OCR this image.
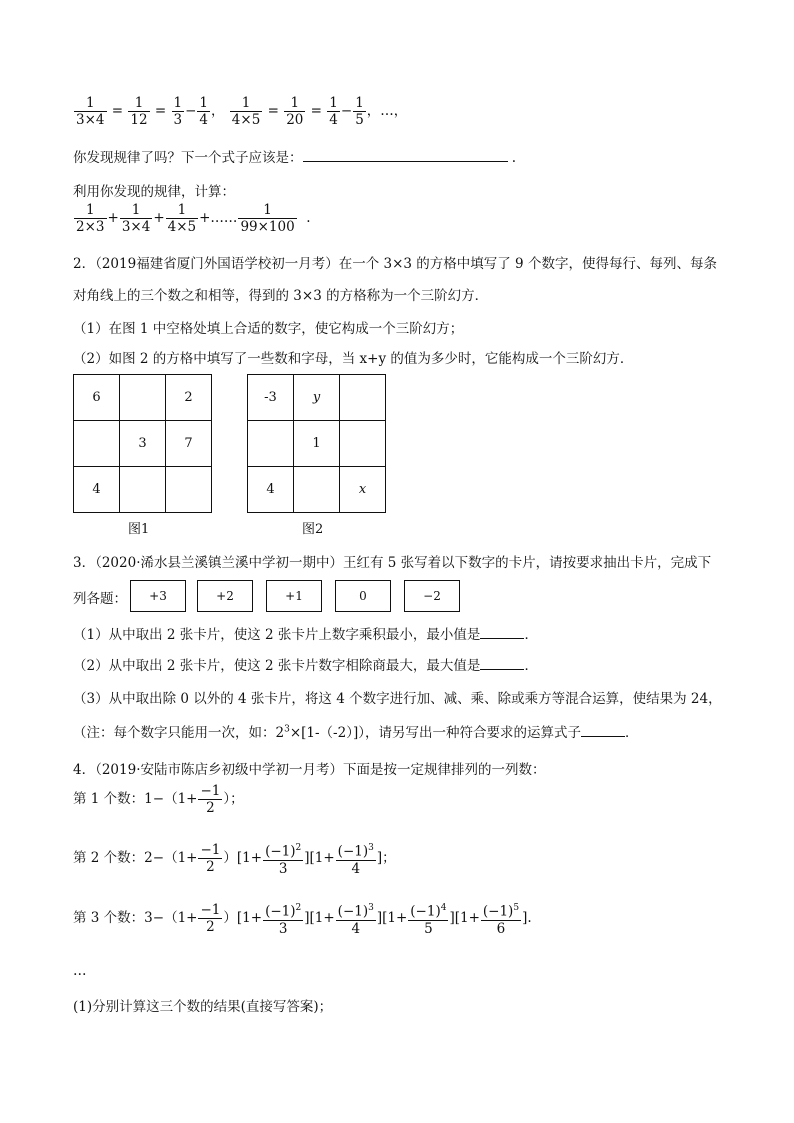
$\frac{1}{3\times 4} = \frac{1}{12} = \frac{1}{3} - \frac{1}{4}$ ， $\frac{1}{4\times 5} = \frac{1}{20} = \frac{1}{4} - \frac{1}{5}$ ，…，
你发现规律了吗？下一个式子应该是：	.
利用你发现的规律，计算：
$\frac{1}{2\times 3} + \frac{1}{3\times 4} + \frac{1}{4\times 5}$ +…… $\frac{1}{99\times 100}$ .
2．（2019福建省厦门外国语学校初一月考）在一个 3×3 的方格中填写了 9 个数字，使得每行、每列、每条
对角线上的三个数之和相等，得到的 3×3 的方格称为一个三阶幻方．
（1）在图 1 中空格处填上合适的数字，使它构成一个三阶幻方；
（2）如图 2 的方格中填写了一些数和字母，当 x+y 的值为多少时，它能构成一个三阶幻方．
6		2
	3	7
4		
图1
-3	y	
	1	
4		x
图2
3．（2020·浠水县兰溪镇兰溪中学初一期中）王红有 5 张写着以下数字的卡片，请按要求抽出卡片，完成下
列各题：	+3	+2	+1	0	−2
（1）从中取出 2 张卡片，使这 2 张卡片上数字乘积最小，最小值是	．
（2）从中取出 2 张卡片，使这 2 张卡片数字相除商最大，最大值是	．
（3）从中取出除 0 以外的 4 张卡片，将这 4 个数字进行加、减、乘、除或乘方等混合运算，使结果为 24，
（注：每个数字只能用一次，如：$2^3\times[1-(-2)]$），请另写出一种符合要求的运算式子	．
4．（2019·安陆市陈店乡初级中学初一月考）下面是按一定规律排列的一列数：
第 1 个数：$1-(1+ \frac{-1}{2}$ ）；
第 2 个数：$2-(1+ \frac{-1}{2} )[1+ \frac{(-1)^2}{3} ][1+ \frac{(-1)^3}{4}$ ]；
第 3 个数：$3-(1+ \frac{-1}{2} )[1+ \frac{(-1)^2}{3} ][1+ \frac{(-1)^3}{4} ][1+ \frac{(-1)^4}{5} ][1+ \frac{(-1)^5}{6}$ ].
…
(1)分别计算这三个数的结果(直接写答案)；
